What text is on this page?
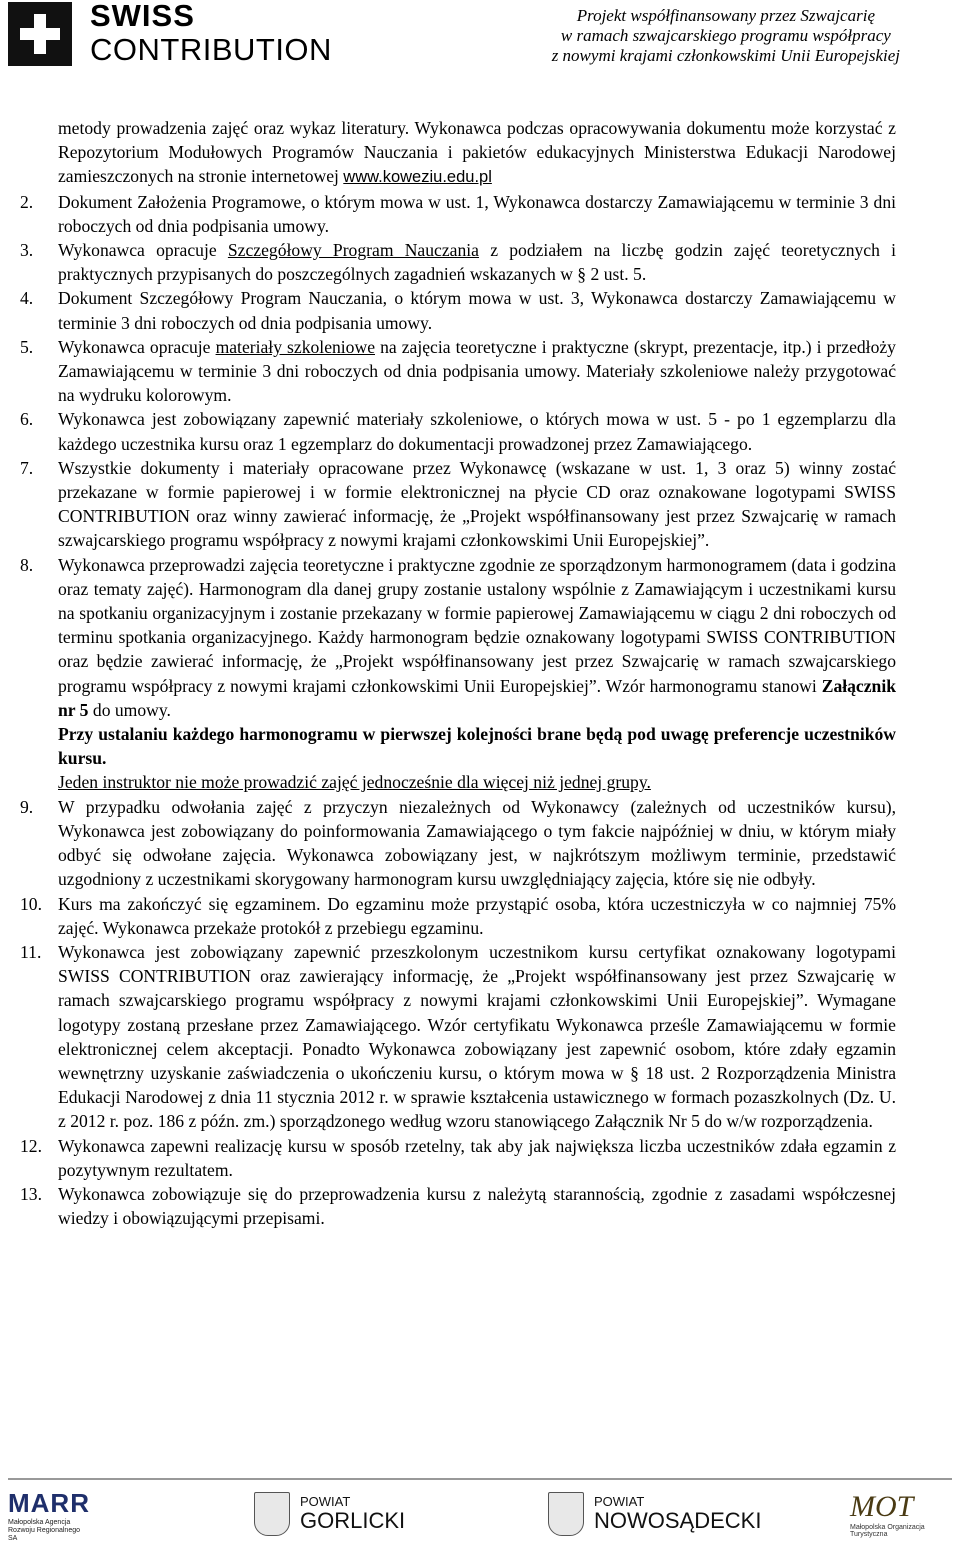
SWISS
CONTRIBUTION
Projekt współfinansowany przez Szwajcarię
w ramach szwajcarskiego programu współpracy
z nowymi krajami członkowskimi Unii Europejskiej
metody prowadzenia zajęć oraz wykaz literatury. Wykonawca podczas opracowywania dokumentu może korzystać z Repozytorium Modułowych Programów Nauczania i pakietów edukacyjnych Ministerstwa Edukacji Narodowej zamieszczonych na stronie internetowej www.koweziu.edu.pl
2.	Dokument Założenia Programowe, o którym mowa w ust. 1, Wykonawca dostarczy Zamawiającemu w terminie 3 dni roboczych od dnia podpisania umowy.
3.	Wykonawca opracuje Szczegółowy Program Nauczania z podziałem na liczbę godzin zajęć teoretycznych i praktycznych przypisanych do poszczególnych zagadnień wskazanych w § 2 ust. 5.
4.	Dokument Szczegółowy Program Nauczania, o którym mowa w ust. 3, Wykonawca dostarczy Zamawiającemu w terminie 3 dni roboczych od dnia podpisania umowy.
5.	Wykonawca opracuje materiały szkoleniowe na zajęcia teoretyczne i praktyczne (skrypt, prezentacje, itp.) i przedłoży Zamawiającemu w terminie 3 dni roboczych od dnia podpisania umowy. Materiały szkoleniowe należy przygotować na wydruku kolorowym.
6.	Wykonawca jest zobowiązany zapewnić materiały szkoleniowe, o których mowa w ust. 5 - po 1 egzemplarzu dla każdego uczestnika kursu oraz 1 egzemplarz do dokumentacji prowadzonej przez Zamawiającego.
7.	Wszystkie dokumenty i materiały opracowane przez Wykonawcę (wskazane w ust. 1, 3 oraz 5) winny zostać przekazane w formie papierowej i w formie elektronicznej na płycie CD oraz oznakowane logotypami SWISS CONTRIBUTION oraz winny zawierać informację, że „Projekt współfinansowany jest przez Szwajcarię w ramach szwajcarskiego programu współpracy z nowymi krajami członkowskimi Unii Europejskiej”.
8.	Wykonawca przeprowadzi zajęcia teoretyczne i praktyczne zgodnie ze sporządzonym harmonogramem (data i godzina oraz tematy zajęć). Harmonogram dla danej grupy zostanie ustalony wspólnie z Zamawiającym i uczestnikami kursu na spotkaniu organizacyjnym i zostanie przekazany w formie papierowej Zamawiającemu w ciągu 2 dni roboczych od terminu spotkania organizacyjnego. Każdy harmonogram będzie oznakowany logotypami SWISS CONTRIBUTION oraz będzie zawierać informację, że „Projekt współfinansowany jest przez Szwajcarię w ramach szwajcarskiego programu współpracy z nowymi krajami członkowskimi Unii Europejskiej”. Wzór harmonogramu stanowi Załącznik nr 5 do umowy.
Przy ustalaniu każdego harmonogramu w pierwszej kolejności brane będą pod uwagę preferencje uczestników kursu.
Jeden instruktor nie może prowadzić zajęć jednocześnie dla więcej niż jednej grupy.
9.	W przypadku odwołania zajęć z przyczyn niezależnych od Wykonawcy (zależnych od uczestników kursu), Wykonawca jest zobowiązany do poinformowania Zamawiającego o tym fakcie najpóźniej w dniu, w którym miały odbyć się odwołane zajęcia. Wykonawca zobowiązany jest, w najkrótszym możliwym terminie, przedstawić uzgodniony z uczestnikami skorygowany harmonogram kursu uwzględniający zajęcia, które się nie odbyły.
10. Kurs ma zakończyć się egzaminem. Do egzaminu może przystąpić osoba, która uczestniczyła w co najmniej 75% zajęć. Wykonawca przekaże protokół z przebiegu egzaminu.
11. Wykonawca jest zobowiązany zapewnić przeszkolonym uczestnikom kursu certyfikat oznakowany logotypami SWISS CONTRIBUTION oraz zawierający informację, że „Projekt współfinansowany jest przez Szwajcarię w ramach szwajcarskiego programu współpracy z nowymi krajami członkowskimi Unii Europejskiej”. Wymagane logotypy zostaną przesłane przez Zamawiającego. Wzór certyfikatu Wykonawca prześle Zamawiającemu w formie elektronicznej celem akceptacji. Ponadto Wykonawca zobowiązany jest zapewnić osobom, które zdały egzamin wewnętrzny uzyskanie zaświadczenia o ukończeniu kursu, o którym mowa w § 18 ust. 2 Rozporządzenia Ministra Edukacji Narodowej z dnia 11 stycznia 2012 r. w sprawie kształcenia ustawicznego w formach pozaszkolnych (Dz. U. z 2012 r. poz. 186 z późn. zm.) sporządzonego według wzoru stanowiącego Załącznik Nr 5 do w/w rozporządzenia.
12. Wykonawca zapewni realizację kursu w sposób rzetelny, tak aby jak największa liczba uczestników zdała egzamin z pozytywnym rezultatem.
13. Wykonawca zobowiązuje się do przeprowadzenia kursu z należytą starannością, zgodnie z zasadami współczesnej wiedzy i obowiązującymi przepisami.
MARR
Małopolska Agencja Rozwoju Regionalnego SA
POWIAT
GORLICKI
POWIAT
NOWOSĄDECKI	MOT
Małopolska Organizacja Turystyczna
